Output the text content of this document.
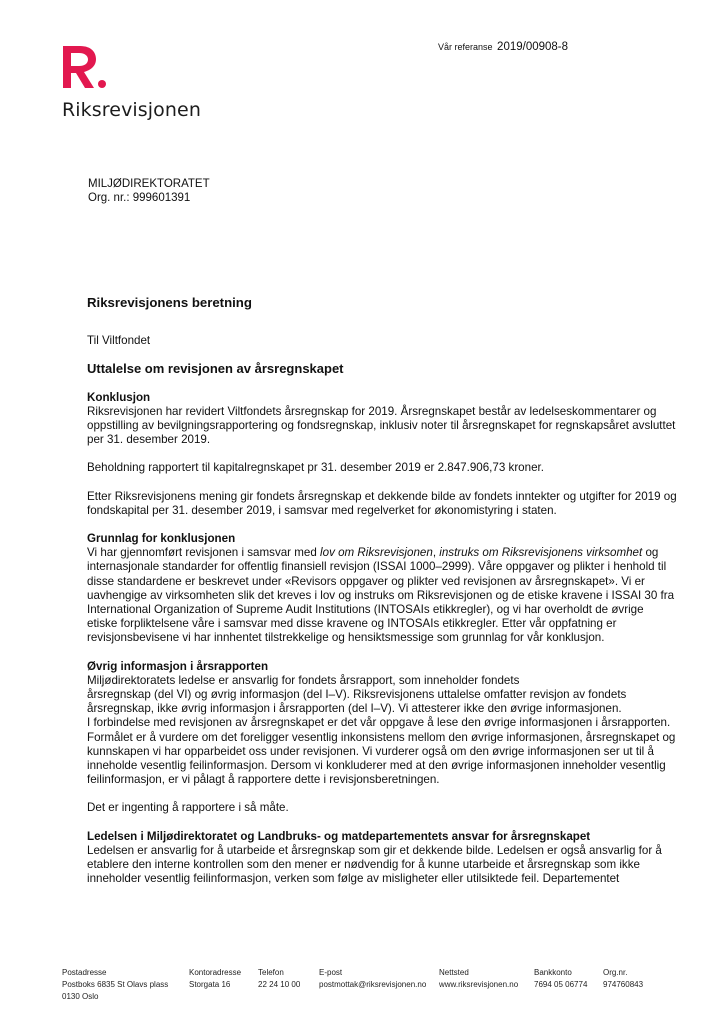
Riksrevisjonen
Vår referanse 2019/00908-8
MILJØDIREKTORATET
Org. nr.: 999601391
Riksrevisjonens beretning
Til Viltfondet
Uttalelse om revisjonen av årsregnskapet
Konklusjon

Riksrevisjonen har revidert Viltfondets årsregnskap for 2019. Årsregnskapet består av ledelseskommentarer og oppstilling av bevilgningsrapportering og fondsregnskap, inklusiv noter til årsregnskapet for regnskapsåret avsluttet per 31. desember 2019.

Beholdning rapportert til kapitalregnskapet pr 31. desember 2019 er 2.847.906,73 kroner.

Etter Riksrevisjonens mening gir fondets årsregnskap et dekkende bilde av fondets inntekter og utgifter for 2019 og fondskapital per 31. desember 2019, i samsvar med regelverket for økonomistyring i staten.

Grunnlag for konklusjonen

Vi har gjennomført revisjonen i samsvar med lov om Riksrevisjonen, instruks om Riksrevisjonens virksomhet og internasjonale standarder for offentlig finansiell revisjon (ISSAI 1000–2999). Våre oppgaver og plikter i henhold til disse standardene er beskrevet under «Revisors oppgaver og plikter ved revisjonen av årsregnskapet». Vi er uavhengige av virksomheten slik det kreves i lov og instruks om Riksrevisjonen og de etiske kravene i ISSAI 30 fra International Organization of Supreme Audit Institutions (INTOSAIs etikkregler), og vi har overholdt de øvrige etiske forpliktelsene våre i samsvar med disse kravene og INTOSAIs etikkregler. Etter vår oppfatning er revisjonsbevisene vi har innhentet tilstrekkelige og hensiktsmessige som grunnlag for vår konklusjon.

Øvrig informasjon i årsrapporten

Miljødirektoratets ledelse er ansvarlig for fondets årsrapport, som inneholder fondets

årsregnskap (del VI) og øvrig informasjon (del I–V). Riksrevisjonens uttalelse omfatter revisjon av fondets årsregnskap, ikke øvrig informasjon i årsrapporten (del I–V). Vi attesterer ikke den øvrige informasjonen.

I forbindelse med revisjonen av årsregnskapet er det vår oppgave å lese den øvrige informasjonen i årsrapporten. Formålet er å vurdere om det foreligger vesentlig inkonsistens mellom den øvrige informasjonen, årsregnskapet og kunnskapen vi har opparbeidet oss under revisjonen. Vi vurderer også om den øvrige informasjonen ser ut til å inneholde vesentlig feilinformasjon. Dersom vi konkluderer med at den øvrige informasjonen inneholder vesentlig feilinformasjon, er vi pålagt å rapportere dette i revisjonsberetningen.

Det er ingenting å rapportere i så måte.

Ledelsen i Miljødirektoratet og Landbruks- og matdepartementets ansvar for årsregnskapet

Ledelsen er ansvarlig for å utarbeide et årsregnskap som gir et dekkende bilde. Ledelsen er også ansvarlig for å etablere den interne kontrollen som den mener er nødvendig for å kunne utarbeide et årsregnskap som ikke inneholder vesentlig feilinformasjon, verken som følge av misligheter eller utilsiktede feil. Departementet

Postadresse
Postboks 6835 St Olavs plass
0130 Oslo
Kontoradresse
Storgata 16
Telefon
22 24 10 00
E-post
postmottak@riksrevisjonen.no
Nettsted
www.riksrevisjonen.no
Bankkonto
7694 05 06774
Org.nr.
974760843
